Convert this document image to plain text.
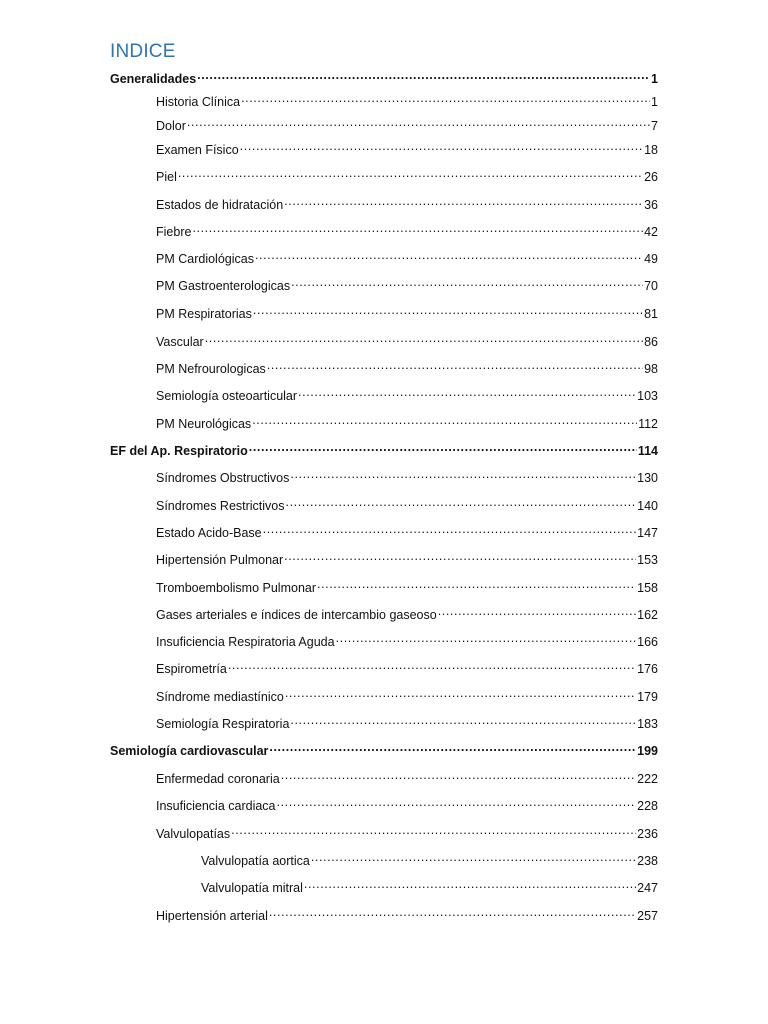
INDICE
Generalidades .....	1
Historia Clínica .....	1
Dolor .....	7
Examen Físico .....	18
Piel .....	26
Estados de hidratación .....	36
Fiebre .....	42
PM Cardiológicas .....	49
PM Gastroenterologicas .....	70
PM Respiratorias .....	81
Vascular .....	86
PM Nefrourologicas .....	98
Semiología osteoarticular .....	103
PM Neurológicas .....	112
EF del Ap. Respiratorio .....	114
Síndromes Obstructivos .....	130
Síndromes Restrictivos .....	140
Estado Acido-Base .....	147
Hipertensión Pulmonar .....	153
Tromboembolismo Pulmonar .....	158
Gases arteriales e índices de intercambio gaseoso .....	162
Insuficiencia Respiratoria Aguda .....	166
Espirometría .....	176
Síndrome mediastínico .....	179
Semiología Respiratoria .....	183
Semiología cardiovascular .....	199
Enfermedad coronaria .....	222
Insuficiencia cardiaca .....	228
Valvulopatías .....	236
Valvulopatía aortica .....	238
Valvulopatía mitral .....	247
Hipertensión arterial .....	257
